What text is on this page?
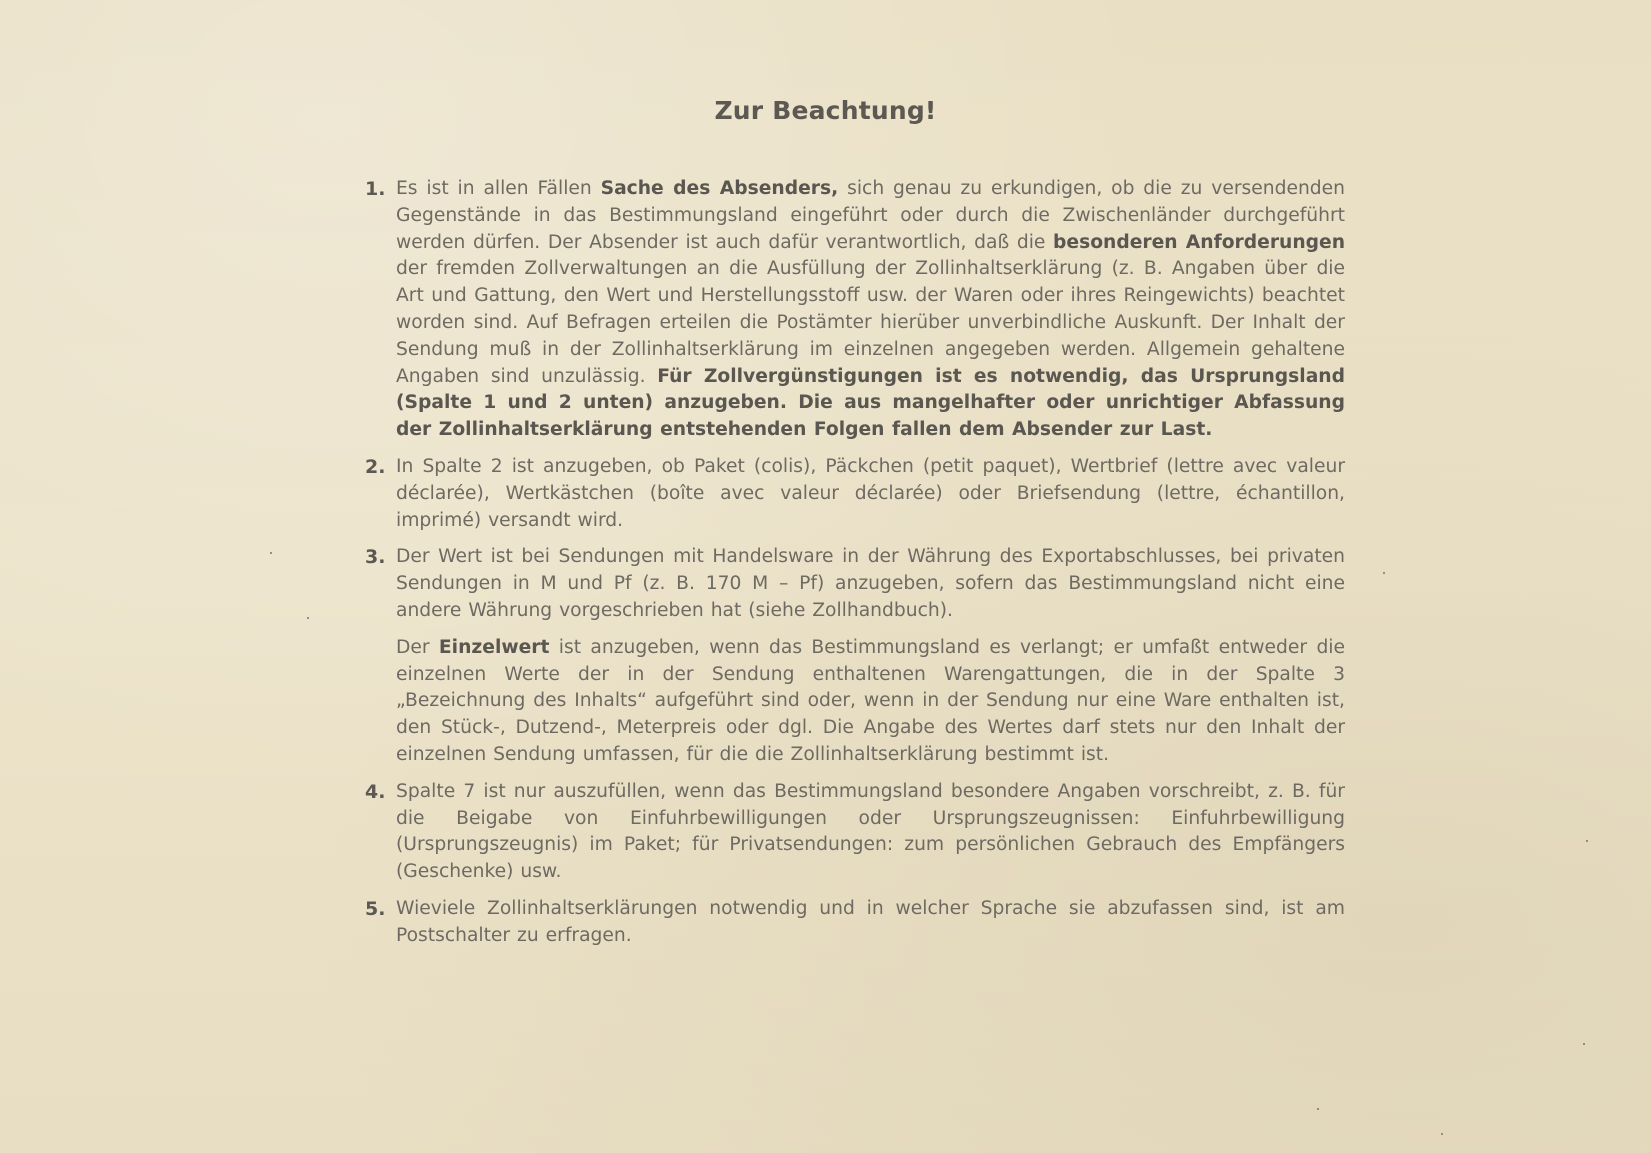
Zur Beachtung!
1. Es ist in allen Fällen Sache des Absenders, sich genau zu erkundigen, ob die zu versendenden Gegenstände in das Bestimmungsland eingeführt oder durch die Zwischenländer durchgeführt werden dürfen. Der Absender ist auch dafür verantwortlich, daß die besonderen Anforderungen der fremden Zollverwaltungen an die Ausfüllung der Zollinhaltserklärung (z. B. Angaben über die Art und Gattung, den Wert und Herstellungsstoff usw. der Waren oder ihres Reingewichts) beachtet worden sind. Auf Befragen erteilen die Postämter hierüber unverbindliche Auskunft. Der Inhalt der Sendung muß in der Zollinhaltserklärung im einzelnen angegeben werden. Allgemein gehaltene Angaben sind unzulässig. Für Zollvergünstigungen ist es notwendig, das Ursprungsland (Spalte 1 und 2 unten) anzugeben. Die aus mangelhafter oder unrichtiger Abfassung der Zollinhaltserklärung entstehenden Folgen fallen dem Absender zur Last.

2. In Spalte 2 ist anzugeben, ob Paket (colis), Päckchen (petit paquet), Wertbrief (lettre avec valeur déclarée), Wertkästchen (boîte avec valeur déclarée) oder Briefsendung (lettre, échantillon, imprimé) versandt wird.

3. Der Wert ist bei Sendungen mit Handelsware in der Währung des Exportabschlusses, bei privaten Sendungen in M und Pf (z. B. 170 M – Pf) anzugeben, sofern das Bestimmungsland nicht eine andere Währung vorgeschrieben hat (siehe Zollhandbuch).

Der Einzelwert ist anzugeben, wenn das Bestimmungsland es verlangt; er umfaßt entweder die einzelnen Werte der in der Sendung enthaltenen Warengattungen, die in der Spalte 3 „Bezeichnung des Inhalts“ aufgeführt sind oder, wenn in der Sendung nur eine Ware enthalten ist, den Stück-, Dutzend-, Meterpreis oder dgl. Die Angabe des Wertes darf stets nur den Inhalt der einzelnen Sendung umfassen, für die die Zollinhaltserklärung bestimmt ist.

4. Spalte 7 ist nur auszufüllen, wenn das Bestimmungsland besondere Angaben vorschreibt, z. B. für die Beigabe von Einfuhrbewilligungen oder Ursprungszeugnissen: Einfuhrbewilligung (Ursprungszeugnis) im Paket; für Privatsendungen: zum persönlichen Gebrauch des Empfängers (Geschenke) usw.

5. Wieviele Zollinhaltserklärungen notwendig und in welcher Sprache sie abzufassen sind, ist am Postschalter zu erfragen.
